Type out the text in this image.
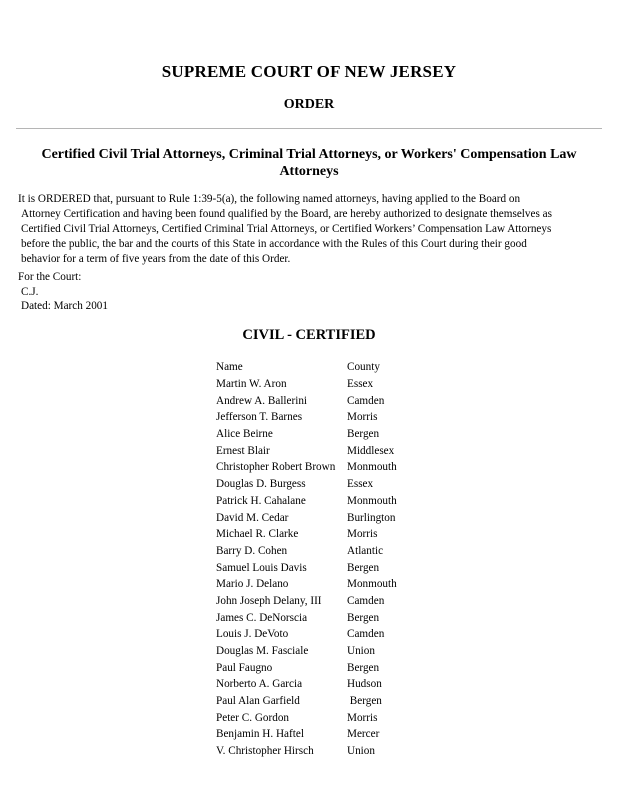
SUPREME COURT OF NEW JERSEY
ORDER
Certified Civil Trial Attorneys, Criminal Trial Attorneys, or Workers' Compensation Law
Attorneys
It is ORDERED that, pursuant to Rule 1:39-5(a), the following named attorneys, having applied to the Board on
Attorney Certification and having been found qualified by the Board, are hereby authorized to designate themselves as
Certified Civil Trial Attorneys, Certified Criminal Trial Attorneys, or Certified Workers’ Compensation Law Attorneys
before the public, the bar and the courts of this State in accordance with the Rules of this Court during their good
behavior for a term of five years from the date of this Order.
For the Court:
C.J.
Dated: March 2001
CIVIL - CERTIFIED
Name	County
Martin W. Aron	Essex
Andrew A. Ballerini	Camden
Jefferson T. Barnes	Morris
Alice Beirne	Bergen
Ernest Blair	Middlesex
Christopher Robert Brown	Monmouth
Douglas D. Burgess	Essex
Patrick H. Cahalane	Monmouth
David M. Cedar	Burlington
Michael R. Clarke	Morris
Barry D. Cohen	Atlantic
Samuel Louis Davis	Bergen
Mario J. Delano	Monmouth
John Joseph Delany, III	Camden
James C. DeNorscia	Bergen
Louis J. DeVoto	Camden
Douglas M. Fasciale	Union
Paul Faugno	Bergen
Norberto A. Garcia	Hudson
Paul Alan Garfield	Bergen
Peter C. Gordon	Morris
Benjamin H. Haftel	Mercer
V. Christopher Hirsch	Union
